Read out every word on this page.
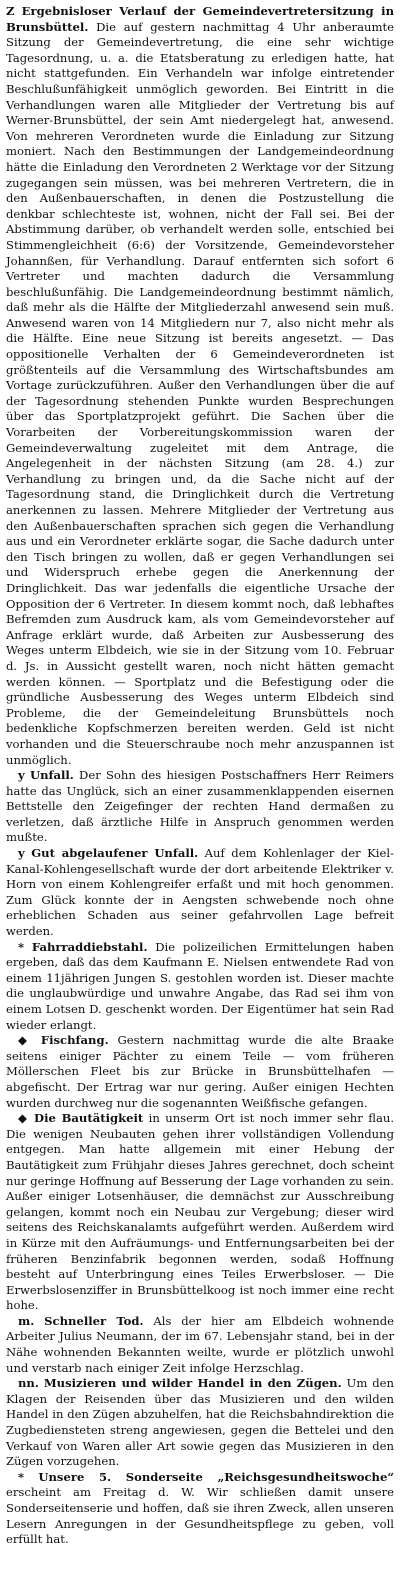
Z Ergebnisloser Verlauf der Gemeindevertretersitzung in Brunsbüttel. Die auf gestern nachmittag 4 Uhr anberaumte Sitzung der Gemeindevertretung, die eine sehr wichtige Tagesordnung, u. a. die Etatsberatung zu erledigen hatte, hat nicht stattgefunden. Ein Verhandeln war infolge eintretender Beschlußunfähigkeit unmöglich geworden. Bei Eintritt in die Verhandlungen waren alle Mitglieder der Vertretung bis auf Werner-Brunsbüttel, der sein Amt niedergelegt hat, anwesend. Von mehreren Verordneten wurde die Einladung zur Sitzung moniert. Nach den Bestimmungen der Landgemeindeordnung hätte die Einladung den Verordneten 2 Werktage vor der Sitzung zugegangen sein müssen, was bei mehreren Vertretern, die in den Außenbauerschaften, in denen die Postzustellung die denkbar schlechteste ist, wohnen, nicht der Fall sei. Bei der Abstimmung darüber, ob verhandelt werden solle, entschied bei Stimmengleichheit (6:6) der Vorsitzende, Gemeindevorsteher Johannßen, für Verhandlung. Darauf entfernten sich sofort 6 Vertreter und machten dadurch die Versammlung beschlußunfähig. Die Landgemeindeordnung bestimmt nämlich, daß mehr als die Hälfte der Mitgliederzahl anwesend sein muß. Anwesend waren von 14 Mitgliedern nur 7, also nicht mehr als die Hälfte. Eine neue Sitzung ist bereits angesetzt. — Das oppositionelle Verhalten der 6 Gemeindeverordneten ist größtenteils auf die Versammlung des Wirtschaftsbundes am Vortage zurückzuführen. Außer den Verhandlungen über die auf der Tagesordnung stehenden Punkte wurden Besprechungen über das Sportplatzprojekt geführt. Die Sachen über die Vorarbeiten der Vorbereitungskommission waren der Gemeindeverwaltung zugeleitet mit dem Antrage, die Angelegenheit in der nächsten Sitzung (am 28. 4.) zur Verhandlung zu bringen und, da die Sache nicht auf der Tagesordnung stand, die Dringlichkeit durch die Vertretung anerkennen zu lassen. Mehrere Mitglieder der Vertretung aus den Außenbauerschaften sprachen sich gegen die Verhandlung aus und ein Verordneter erklärte sogar, die Sache dadurch unter den Tisch bringen zu wollen, daß er gegen Verhandlungen sei und Widerspruch erhebe gegen die Anerkennung der Dringlichkeit. Das war jedenfalls die eigentliche Ursache der Opposition der 6 Vertreter. In diesem kommt noch, daß lebhaftes Befremden zum Ausdruck kam, als vom Gemeindevorsteher auf Anfrage erklärt wurde, daß Arbeiten zur Ausbesserung des Weges unterm Elbdeich, wie sie in der Sitzung vom 10. Februar d. Js. in Aussicht gestellt waren, noch nicht hätten gemacht werden können. — Sportplatz und die Befestigung oder die gründliche Ausbesserung des Weges unterm Elbdeich sind Probleme, die der Gemeindeleitung Brunsbüttels noch bedenkliche Kopfschmerzen bereiten werden. Geld ist nicht vorhanden und die Steuerschraube noch mehr anzuspannen ist unmöglich.

y Unfall. Der Sohn des hiesigen Postschaffners Herr Reimers hatte das Unglück, sich an einer zusammenklappenden eisernen Bettstelle den Zeigefinger der rechten Hand dermaßen zu verletzen, daß ärztliche Hilfe in Anspruch genommen werden mußte.

y Gut abgelaufener Unfall. Auf dem Kohlenlager der Kiel-Kanal-Kohlengesellschaft wurde der dort arbeitende Elektriker v. Horn von einem Kohlengreifer erfaßt und mit hoch genommen. Zum Glück konnte der in Aengsten schwebende noch ohne erheblichen Schaden aus seiner gefahrvollen Lage befreit werden.

* Fahrraddiebstahl. Die polizeilichen Ermittelungen haben ergeben, daß das dem Kaufmann E. Nielsen entwendete Rad von einem 11jährigen Jungen S. gestohlen worden ist. Dieser machte die unglaubwürdige und unwahre Angabe, das Rad sei ihm von einem Lotsen D. geschenkt worden. Der Eigentümer hat sein Rad wieder erlangt.

◆ Fischfang. Gestern nachmittag wurde die alte Braake seitens einiger Pächter zu einem Teile — vom früheren Möllerschen Fleet bis zur Brücke in Brunsbüttelhafen — abgefischt. Der Ertrag war nur gering. Außer einigen Hechten wurden durchweg nur die sogenannten Weißfische gefangen.

◆ Die Bautätigkeit in unserm Ort ist noch immer sehr flau. Die wenigen Neubauten gehen ihrer vollständigen Vollendung entgegen. Man hatte allgemein mit einer Hebung der Bautätigkeit zum Frühjahr dieses Jahres gerechnet, doch scheint nur geringe Hoffnung auf Besserung der Lage vorhanden zu sein. Außer einiger Lotsenhäuser, die demnächst zur Ausschreibung gelangen, kommt noch ein Neubau zur Vergebung; dieser wird seitens des Reichskanalamts aufgeführt werden. Außerdem wird in Kürze mit den Aufräumungs- und Entfernungsarbeiten bei der früheren Benzinfabrik begonnen werden, sodaß Hoffnung besteht auf Unterbringung eines Teiles Erwerbsloser. — Die Erwerbslosenziffer in Brunsbüttelkoog ist noch immer eine recht hohe.

m. Schneller Tod. Als der hier am Elbdeich wohnende Arbeiter Julius Neumann, der im 67. Lebensjahr stand, bei in der Nähe wohnenden Bekannten weilte, wurde er plötzlich unwohl und verstarb nach einiger Zeit infolge Herzschlag.

nn. Musizieren und wilder Handel in den Zügen. Um den Klagen der Reisenden über das Musizieren und den wilden Handel in den Zügen abzuhelfen, hat die Reichsbahndirektion die Zugbediensteten streng angewiesen, gegen die Bettelei und den Verkauf von Waren aller Art sowie gegen das Musizieren in den Zügen vorzugehen.

* Unsere 5. Sonderseite „Reichsgesundheitswoche“ erscheint am Freitag d. W. Wir schließen damit unsere Sonderseitenserie und hoffen, daß sie ihren Zweck, allen unseren Lesern Anregungen in der Gesundheitspflege zu geben, voll erfüllt hat.
